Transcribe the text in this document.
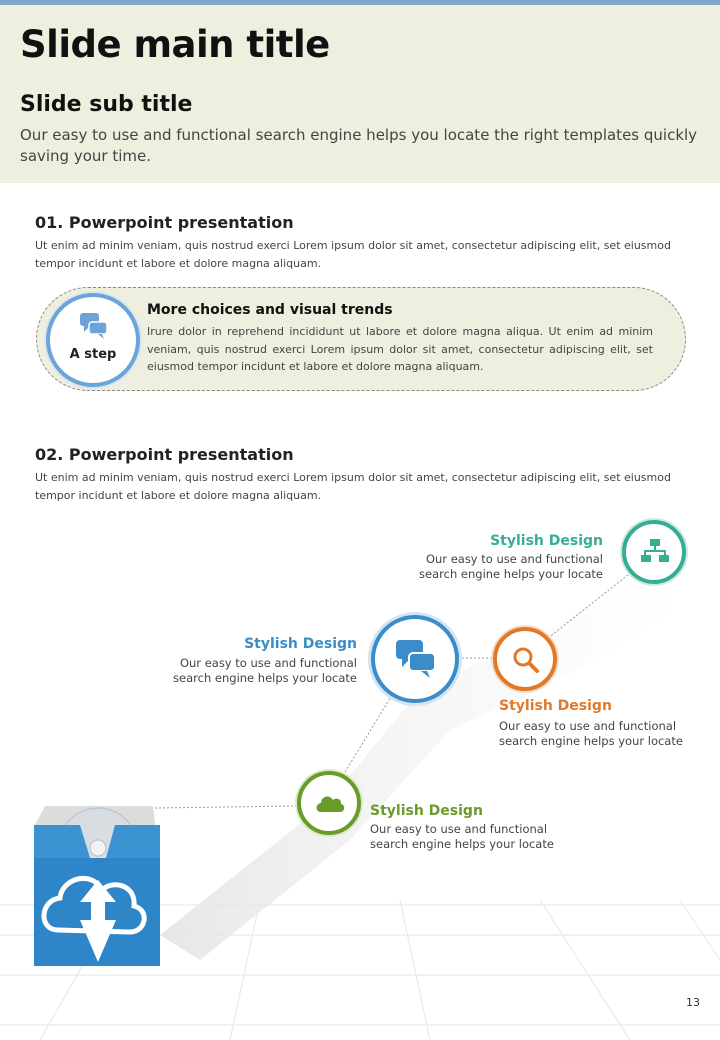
Slide main title
Slide sub title
Our easy to use and functional search engine helps you locate the right templates quickly saving your time.
01. Powerpoint presentation
Ut enim ad minim veniam, quis nostrud exerci Lorem ipsum dolor sit amet, consectetur adipiscing elit, set eiusmod tempor incidunt et labore et dolore magna aliquam.
A step
More choices and visual trends
Irure dolor in reprehend incididunt ut labore et dolore magna aliqua. Ut enim ad minim veniam, quis nostrud exerci Lorem ipsum dolor sit amet, consectetur adipiscing elit, set eiusmod tempor incidunt et labore et dolore magna aliquam.
02. Powerpoint presentation
Ut enim ad minim veniam, quis nostrud exerci Lorem ipsum dolor sit amet, consectetur adipiscing elit, set eiusmod tempor incidunt et labore et dolore magna aliquam.
Stylish Design
Our easy to use and functional search engine helps your locate
Stylish Design
Our easy to use and functional search engine helps your locate
Stylish Design
Our easy to use and functional search engine helps your locate
Stylish Design
Our easy to use and functional search engine helps your locate
13
